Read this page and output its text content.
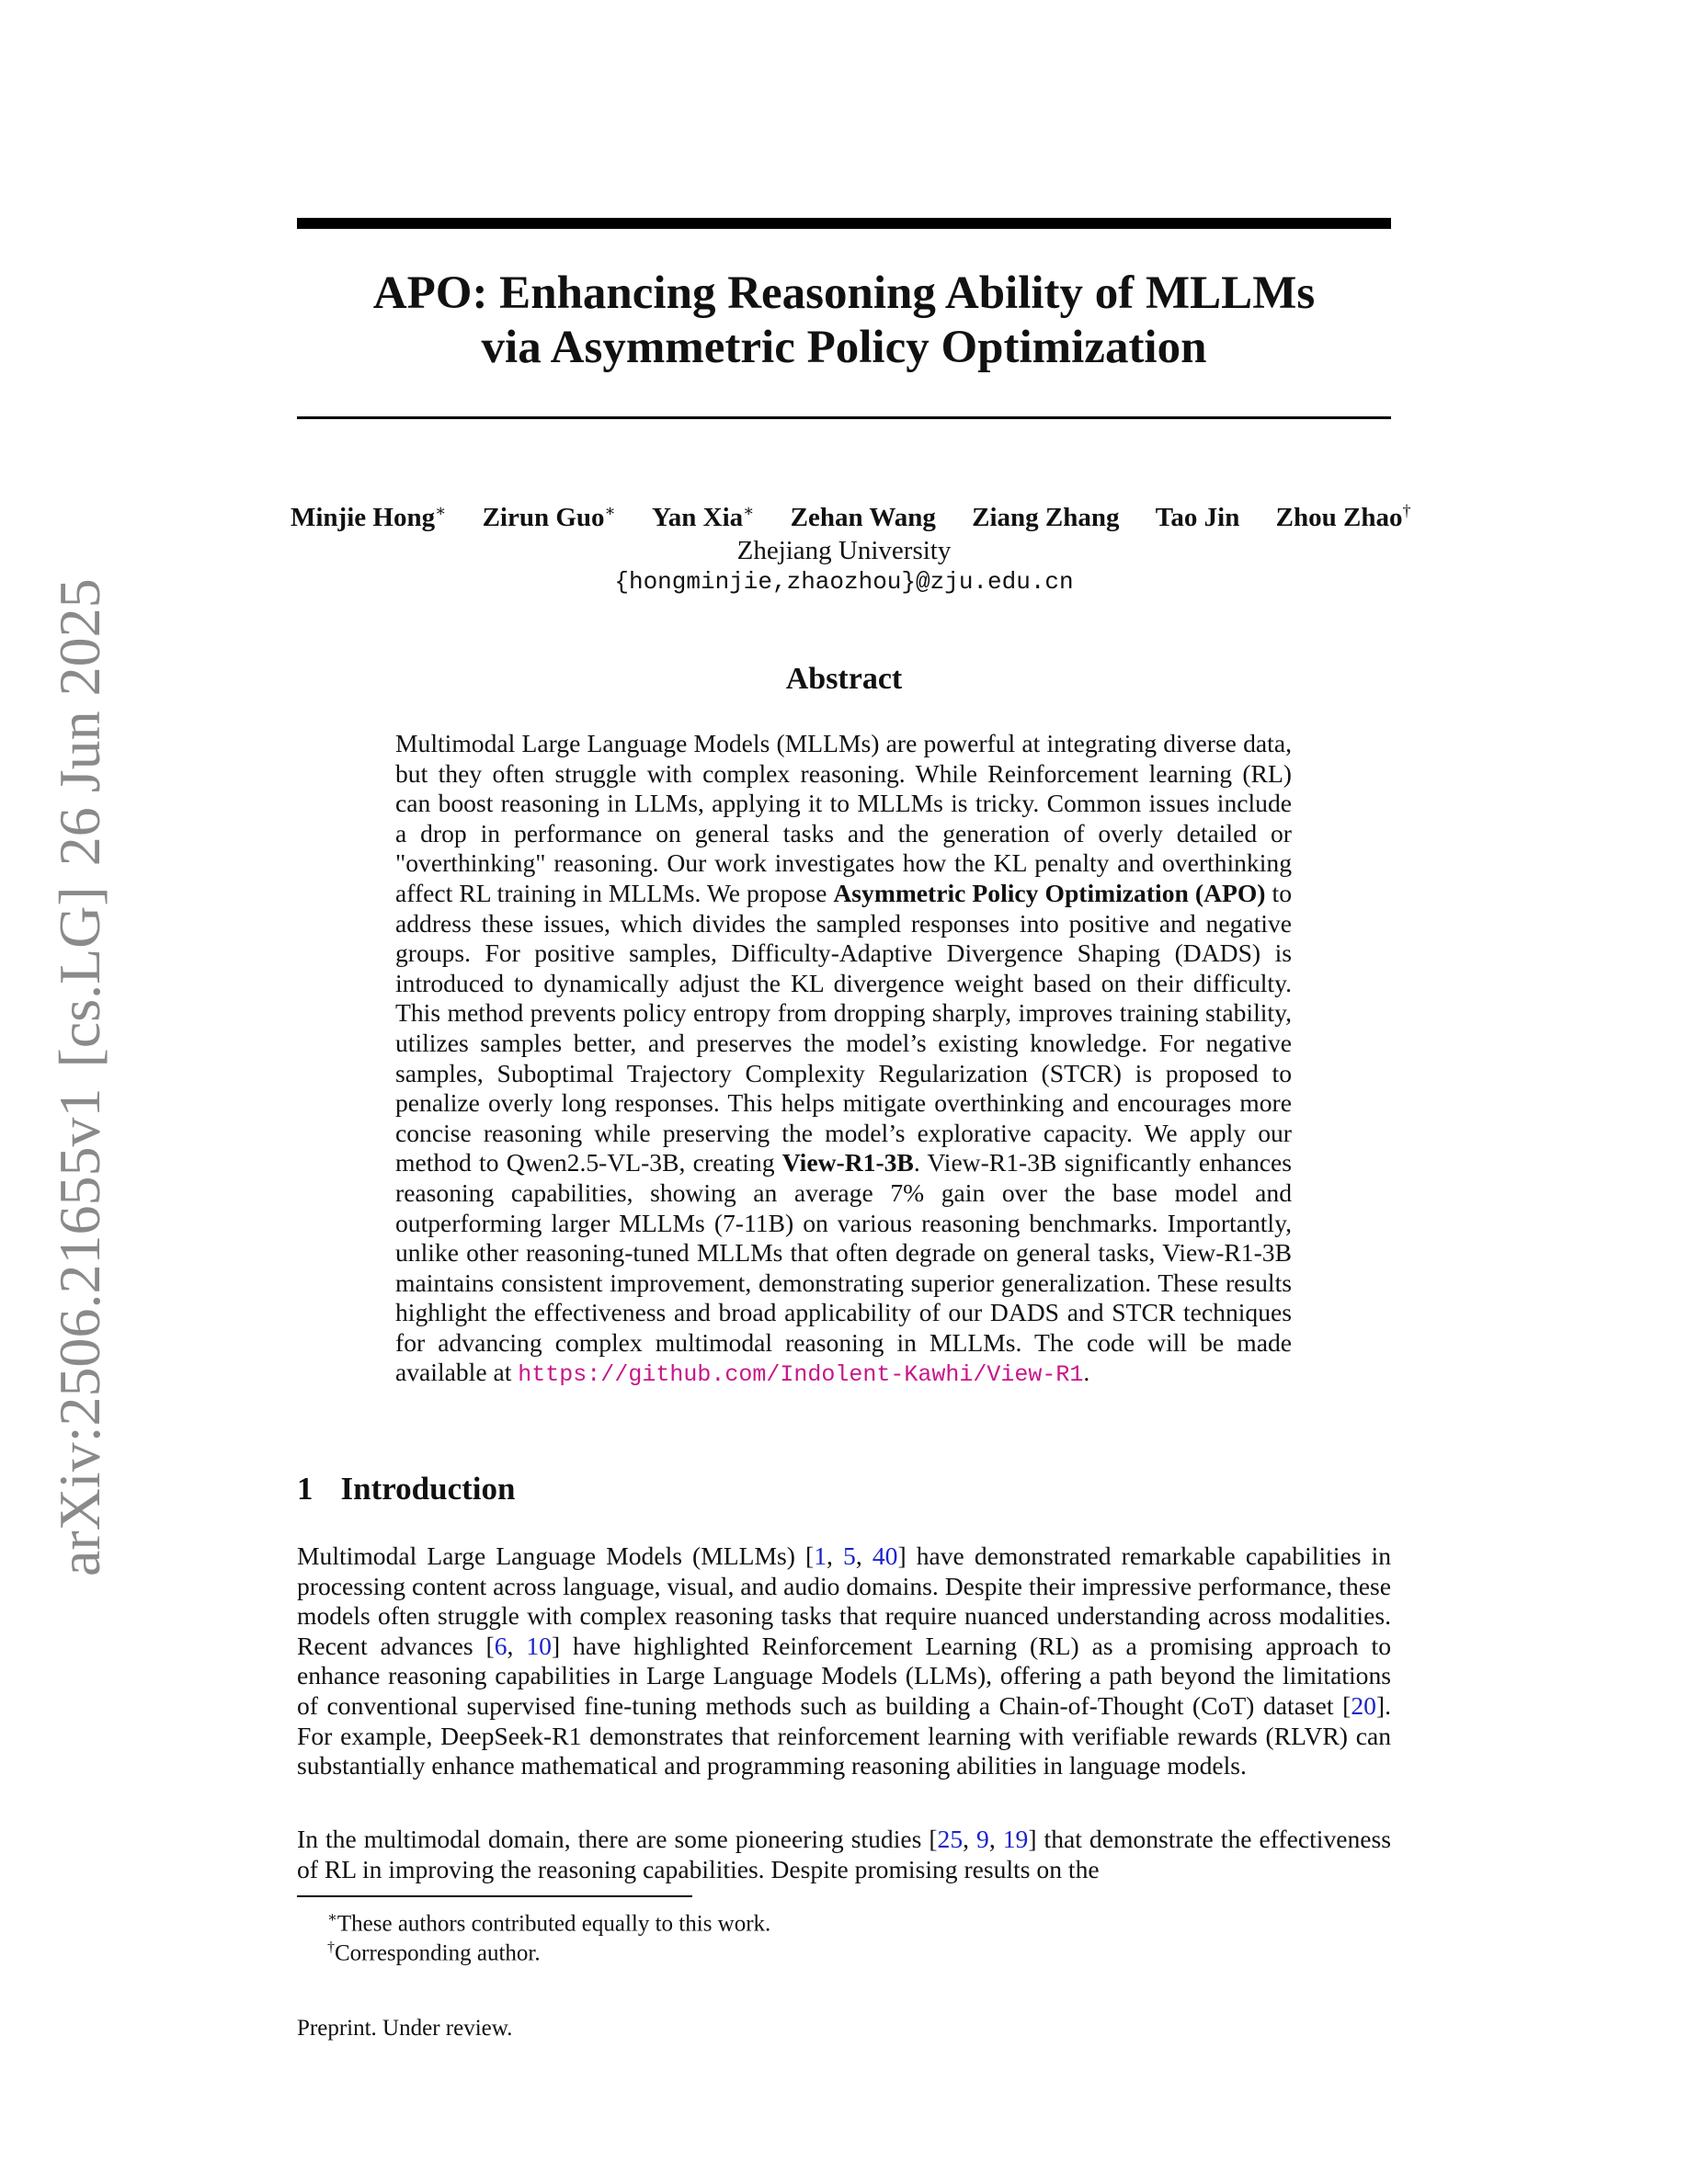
arXiv:2506.21655v1[cs.LG]26 Jun 2025
APO: Enhancing Reasoning Ability of MLLMs
via Asymmetric Policy Optimization
Minjie Hong∗ Zirun Guo∗ Yan Xia∗ Zehan Wang Ziang Zhang Tao Jin Zhou Zhao†
Zhejiang University
{hongminjie,zhaozhou}@zju.edu.cn
Abstract

Multimodal Large Language Models (MLLMs) are powerful at integrating diverse data, but they often struggle with complex reasoning. While Reinforcement learning (RL) can boost reasoning in LLMs, applying it to MLLMs is tricky. Common issues include a drop in performance on general tasks and the generation of overly detailed or "overthinking" reasoning. Our work investigates how the KL penalty and overthinking affect RL training in MLLMs. We propose Asymmetric Policy Optimization (APO) to address these issues, which divides the sampled responses into positive and negative groups. For positive samples, Difficulty-Adaptive Divergence Shaping (DADS) is introduced to dynamically adjust the KL divergence weight based on their difficulty. This method prevents policy entropy from dropping sharply, improves training stability, utilizes samples better, and preserves the model’s existing knowledge. For negative samples, Suboptimal Trajectory Complexity Regularization (STCR) is proposed to penalize overly long responses. This helps mitigate overthinking and encourages more concise reasoning while preserving the model’s explorative capacity. We apply our method to Qwen2.5-VL-3B, creating View-R1-3B. View-R1-3B significantly enhances reasoning capabilities, showing an average 7% gain over the base model and outperforming larger MLLMs (7-11B) on various reasoning benchmarks. Importantly, unlike other reasoning-tuned MLLMs that often degrade on general tasks, View-R1-3B maintains consistent improvement, demonstrating superior generalization. These results highlight the effectiveness and broad applicability of our DADS and STCR techniques for advancing complex multimodal reasoning in MLLMs. The code will be made available at https://github.com/Indolent-Kawhi/View-R1.

1 Introduction

Multimodal Large Language Models (MLLMs) [1, 5, 40] have demonstrated remarkable capabilities in processing content across language, visual, and audio domains. Despite their impressive performance, these models often struggle with complex reasoning tasks that require nuanced understanding across modalities. Recent advances [6, 10] have highlighted Reinforcement Learning (RL) as a promising approach to enhance reasoning capabilities in Large Language Models (LLMs), offering a path beyond the limitations of conventional supervised fine-tuning methods such as building a Chain-of-Thought (CoT) dataset [20]. For example, DeepSeek-R1 demonstrates that reinforcement learning with verifiable rewards (RLVR) can substantially enhance mathematical and programming reasoning abilities in language models.

In the multimodal domain, there are some pioneering studies [25, 9, 19] that demonstrate the effectiveness of RL in improving the reasoning capabilities. Despite promising results on the

∗These authors contributed equally to this work.
†Corresponding author.
Preprint. Under review.
